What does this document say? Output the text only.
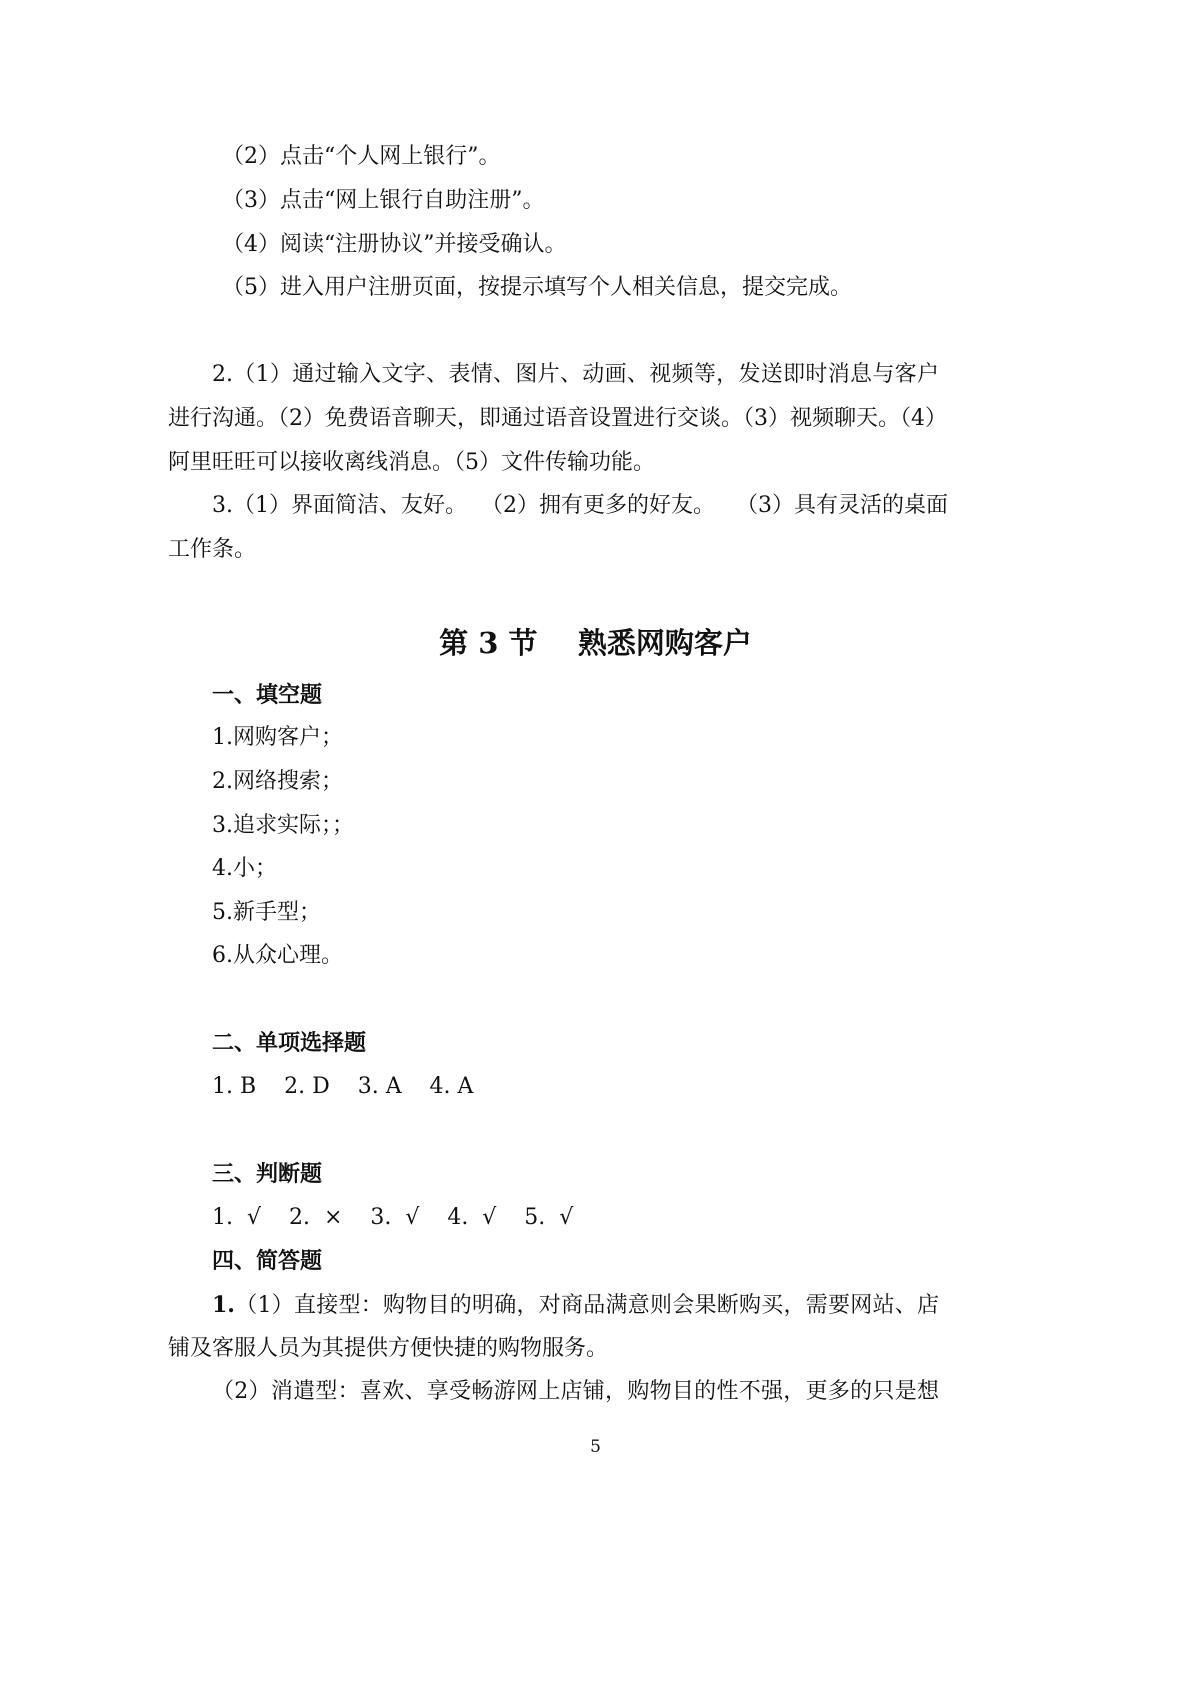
（2）点击“个人网上银行”。
（3）点击“网上银行自助注册”。
（4）阅读“注册协议”并接受确认。
（5）进入用户注册页面，按提示填写个人相关信息，提交完成。
2.（1）通过输入文字、表情、图片、动画、视频等，发送即时消息与客户
进行沟通。（2）免费语音聊天，即通过语音设置进行交谈。（3）视频聊天。（4）
阿里旺旺可以接收离线消息。（5）文件传输功能。
3.（1）界面简洁、友好。  （2）拥有更多的好友。   （3）具有灵活的桌面
工作条。
第 3 节    熟悉网购客户
一、填空题
1.网购客户；
2.网络搜索；
3.追求实际；；
4.小；
5.新手型；
6.从众心理。
二、单项选择题
1. B    2. D    3. A    4. A
三、判断题
1.  √    2.  ×    3.  √    4.  √    5.  √
四、简答题
1.（1）直接型：购物目的明确，对商品满意则会果断购买，需要网站、店
铺及客服人员为其提供方便快捷的购物服务。
（2）消遣型：喜欢、享受畅游网上店铺，购物目的性不强，更多的只是想
5
